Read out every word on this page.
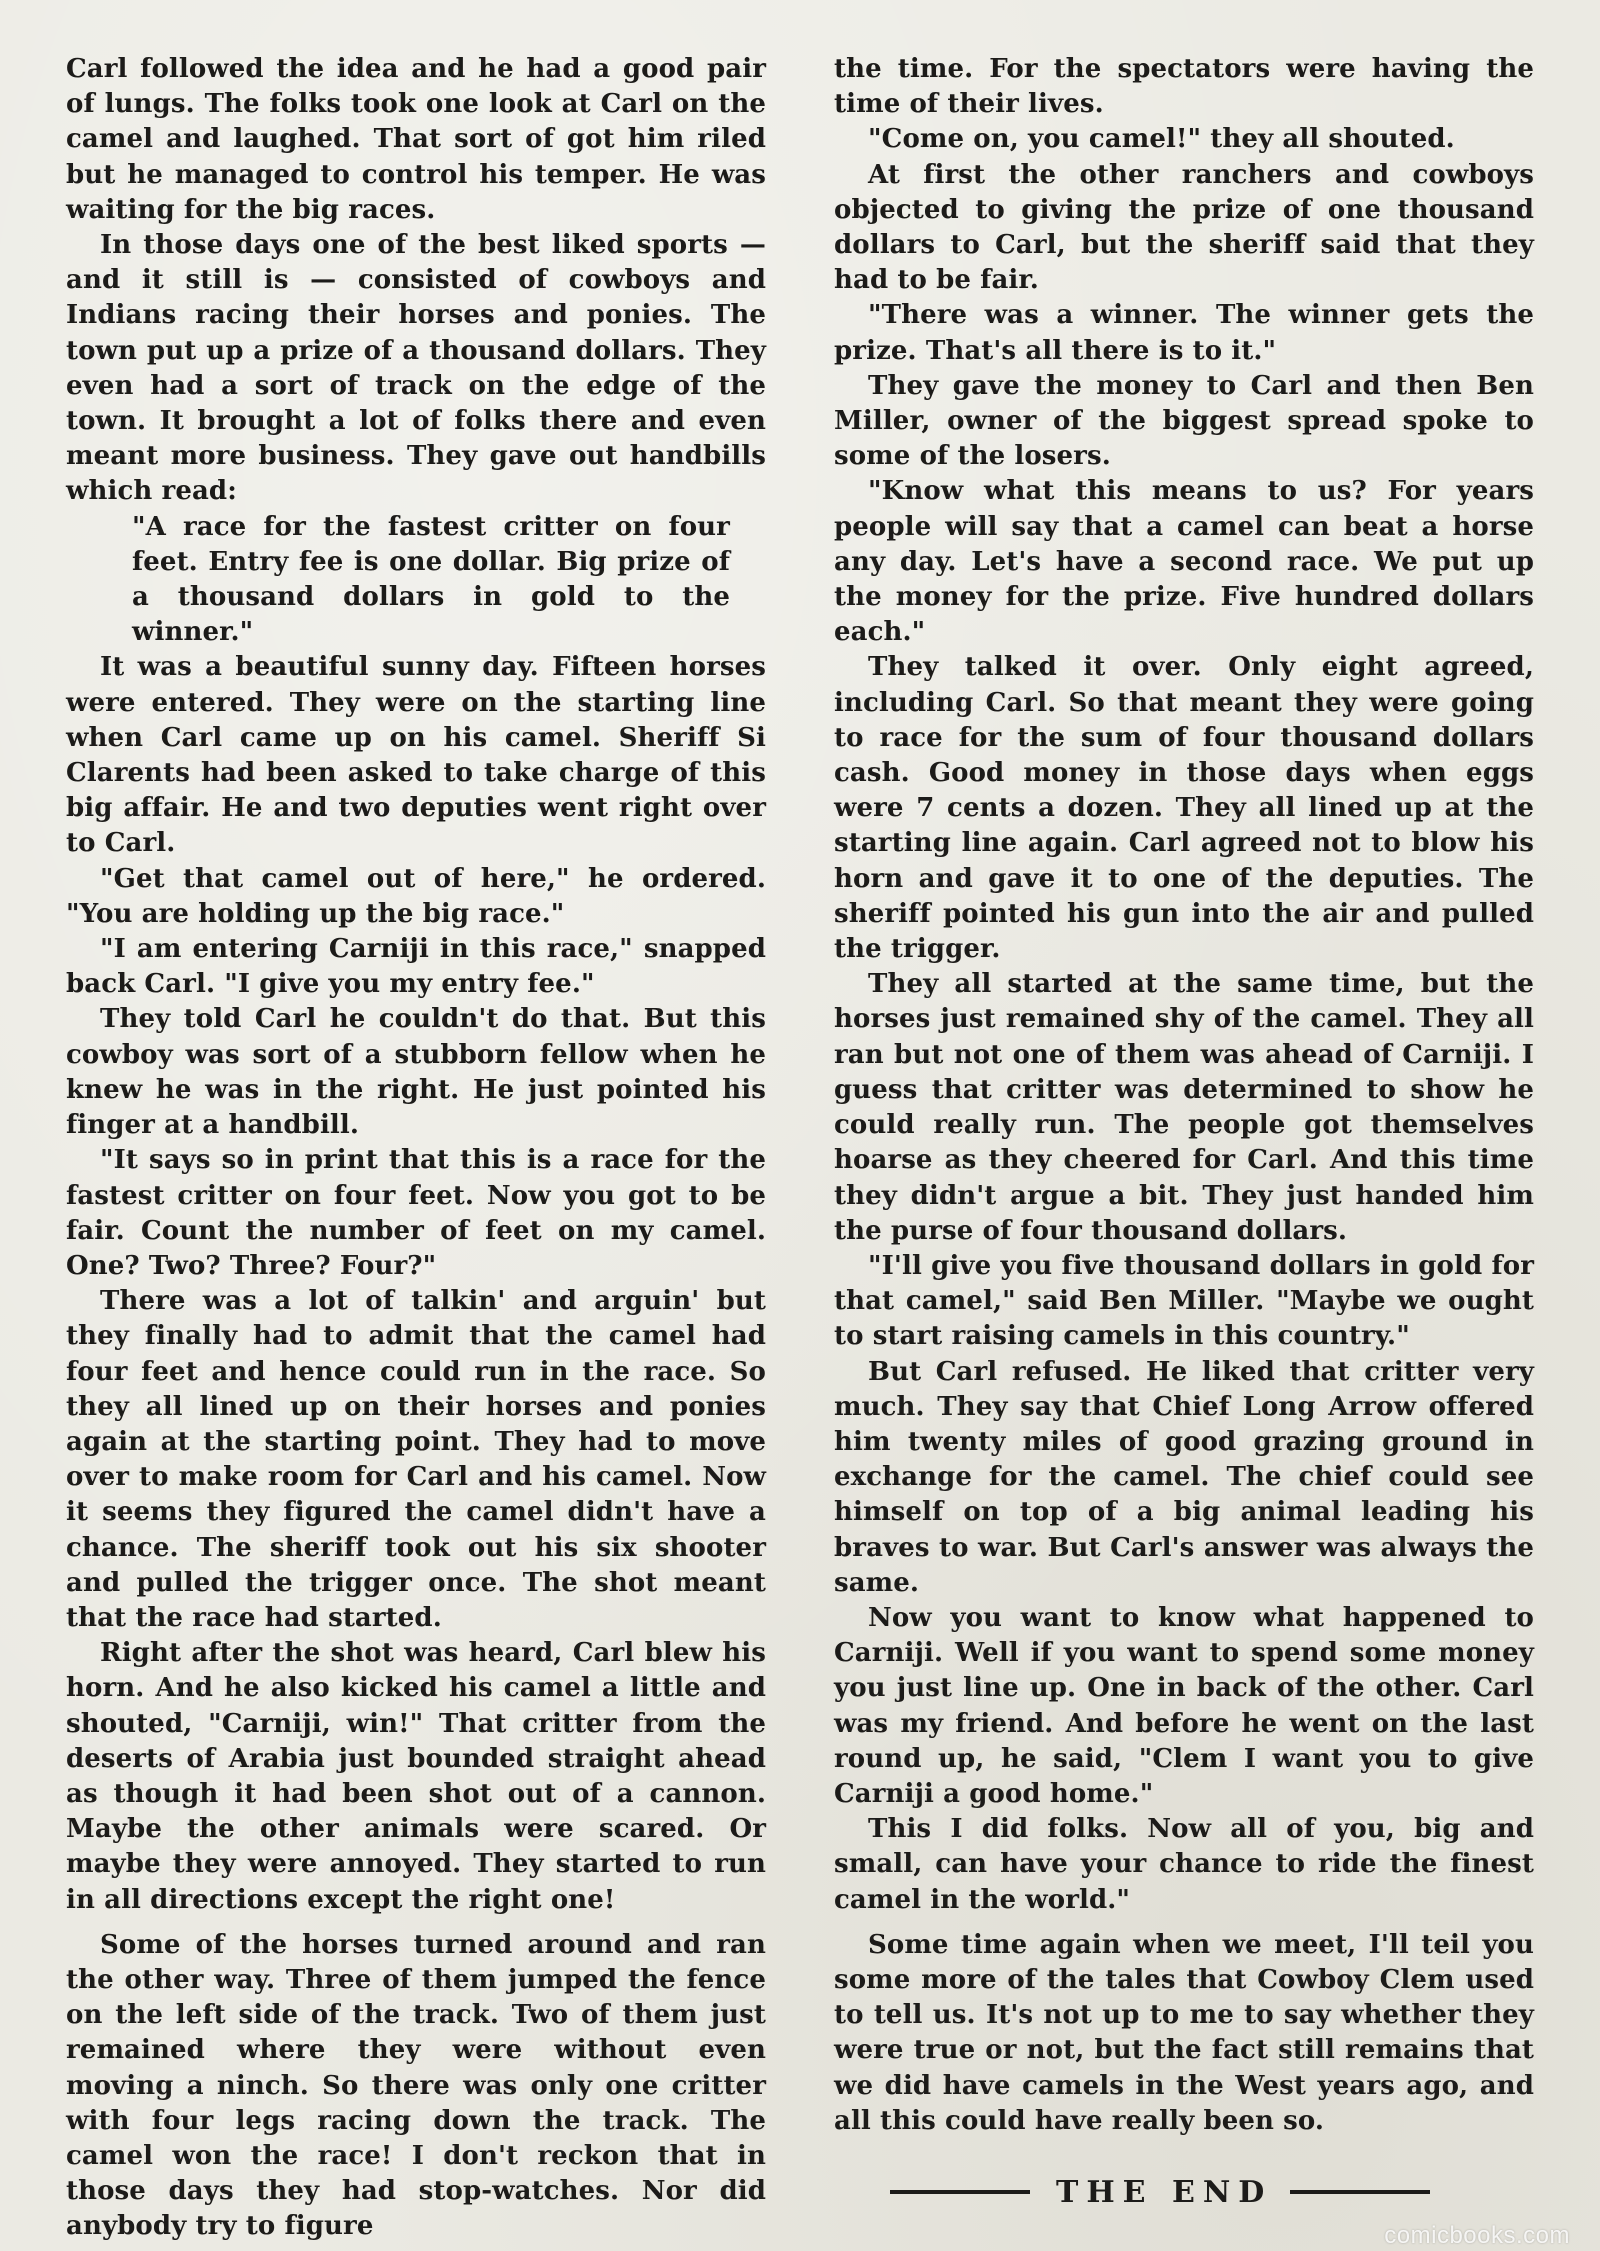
Carl followed the idea and he had a good pair of lungs. The folks took one look at Carl on the camel and laughed. That sort of got him riled but he managed to control his temper. He was waiting for the big races.

In those days one of the best liked sports — and it still is — consisted of cowboys and Indians racing their horses and ponies. The town put up a prize of a thousand dollars. They even had a sort of track on the edge of the town. It brought a lot of folks there and even meant more business. They gave out handbills which read:

"A race for the fastest critter on four feet. Entry fee is one dollar. Big prize of a thousand dollars in gold to the winner."

It was a beautiful sunny day. Fifteen horses were entered. They were on the starting line when Carl came up on his camel. Sheriff Si Clarents had been asked to take charge of this big affair. He and two deputies went right over to Carl.

"Get that camel out of here," he ordered. "You are holding up the big race."

"I am entering Carniji in this race," snapped back Carl. "I give you my entry fee."

They told Carl he couldn't do that. But this cowboy was sort of a stubborn fellow when he knew he was in the right. He just pointed his finger at a handbill.

"It says so in print that this is a race for the fastest critter on four feet. Now you got to be fair. Count the number of feet on my camel. One? Two? Three? Four?"

There was a lot of talkin' and arguin' but they finally had to admit that the camel had four feet and hence could run in the race. So they all lined up on their horses and ponies again at the starting point. They had to move over to make room for Carl and his camel. Now it seems they figured the camel didn't have a chance. The sheriff took out his six shooter and pulled the trigger once. The shot meant that the race had started.

Right after the shot was heard, Carl blew his horn. And he also kicked his camel a little and shouted, "Carniji, win!" That critter from the deserts of Arabia just bounded straight ahead as though it had been shot out of a cannon. Maybe the other animals were scared. Or maybe they were annoyed. They started to run in all directions except the right one!

Some of the horses turned around and ran the other way. Three of them jumped the fence on the left side of the track. Two of them just remained where they were without even moving a ninch. So there was only one critter with four legs racing down the track. The camel won the race! I don't reckon that in those days they had stop-watches. Nor did anybody try to figure

the time. For the spectators were having the time of their lives.

"Come on, you camel!" they all shouted.

At first the other ranchers and cowboys objected to giving the prize of one thousand dollars to Carl, but the sheriff said that they had to be fair.

"There was a winner. The winner gets the prize. That's all there is to it."

They gave the money to Carl and then Ben Miller, owner of the biggest spread spoke to some of the losers.

"Know what this means to us? For years people will say that a camel can beat a horse any day. Let's have a second race. We put up the money for the prize. Five hundred dollars each."

They talked it over. Only eight agreed, including Carl. So that meant they were going to race for the sum of four thousand dollars cash. Good money in those days when eggs were 7 cents a dozen. They all lined up at the starting line again. Carl agreed not to blow his horn and gave it to one of the deputies. The sheriff pointed his gun into the air and pulled the trigger.

They all started at the same time, but the horses just remained shy of the camel. They all ran but not one of them was ahead of Carniji. I guess that critter was determined to show he could really run. The people got themselves hoarse as they cheered for Carl. And this time they didn't argue a bit. They just handed him the purse of four thousand dollars.

"I'll give you five thousand dollars in gold for that camel," said Ben Miller. "Maybe we ought to start raising camels in this country."

But Carl refused. He liked that critter very much. They say that Chief Long Arrow offered him twenty miles of good grazing ground in exchange for the camel. The chief could see himself on top of a big animal leading his braves to war. But Carl's answer was always the same.

Now you want to know what happened to Carniji. Well if you want to spend some money you just line up. One in back of the other. Carl was my friend. And before he went on the last round up, he said, "Clem I want you to give Carniji a good home."

This I did folks. Now all of you, big and small, can have your chance to ride the finest camel in the world."

Some time again when we meet, I'll teil you some more of the tales that Cowboy Clem used to tell us. It's not up to me to say whether they were true or not, but the fact still remains that we did have camels in the West years ago, and all this could have really been so.

THE END
comicbooks.com
